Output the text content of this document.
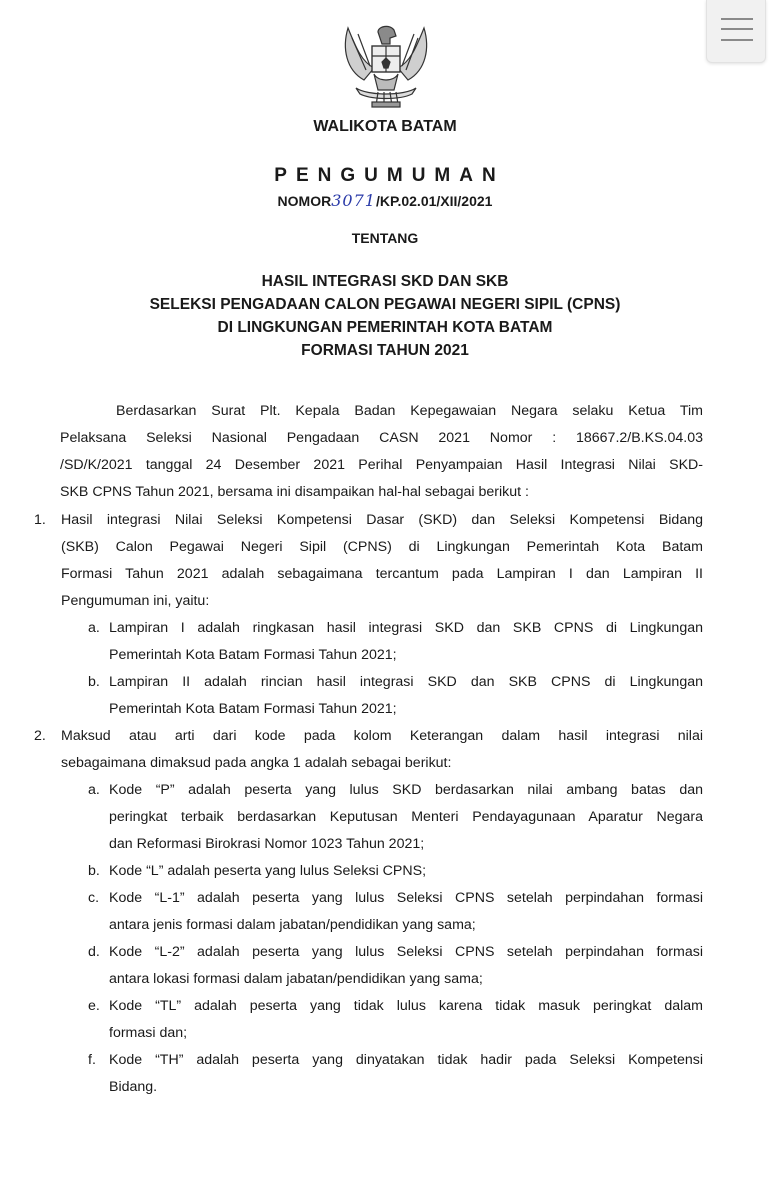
WALIKOTA BATAM
PENGUMUMAN
NOMOR3071/KP.02.01/XII/2021
TENTANG
HASIL INTEGRASI SKD DAN SKB
SELEKSI PENGADAAN CALON PEGAWAI NEGERI SIPIL (CPNS)
DI LINGKUNGAN PEMERINTAH KOTA BATAM
FORMASI TAHUN 2021
Berdasarkan Surat Plt. Kepala Badan Kepegawaian Negara selaku Ketua Tim
Pelaksana Seleksi Nasional Pengadaan CASN 2021 Nomor : 18667.2/B.KS.04.03
/SD/K/2021 tanggal 24 Desember 2021 Perihal Penyampaian Hasil Integrasi Nilai SKD-
SKB CPNS Tahun 2021, bersama ini disampaikan hal-hal sebagai berikut :
1. Hasil integrasi Nilai Seleksi Kompetensi Dasar (SKD) dan Seleksi Kompetensi Bidang
(SKB) Calon Pegawai Negeri Sipil (CPNS) di Lingkungan Pemerintah Kota Batam
Formasi Tahun 2021 adalah sebagaimana tercantum pada Lampiran I dan Lampiran II
Pengumuman ini, yaitu:
a. Lampiran I adalah ringkasan hasil integrasi SKD dan SKB CPNS di Lingkungan
Pemerintah Kota Batam Formasi Tahun 2021;
b. Lampiran II adalah rincian hasil integrasi SKD dan SKB CPNS di Lingkungan
Pemerintah Kota Batam Formasi Tahun 2021;
2. Maksud atau arti dari kode pada kolom Keterangan dalam hasil integrasi nilai
sebagaimana dimaksud pada angka 1 adalah sebagai berikut:
a. Kode “P” adalah peserta yang lulus SKD berdasarkan nilai ambang batas dan
peringkat terbaik berdasarkan Keputusan Menteri Pendayagunaan Aparatur Negara
dan Reformasi Birokrasi Nomor 1023 Tahun 2021;
b. Kode “L” adalah peserta yang lulus Seleksi CPNS;
c. Kode “L-1” adalah peserta yang lulus Seleksi CPNS setelah perpindahan formasi
antara jenis formasi dalam jabatan/pendidikan yang sama;
d. Kode “L-2” adalah peserta yang lulus Seleksi CPNS setelah perpindahan formasi
antara lokasi formasi dalam jabatan/pendidikan yang sama;
e. Kode “TL” adalah peserta yang tidak lulus karena tidak masuk peringkat dalam
formasi dan;
f. Kode “TH” adalah peserta yang dinyatakan tidak hadir pada Seleksi Kompetensi
Bidang.
